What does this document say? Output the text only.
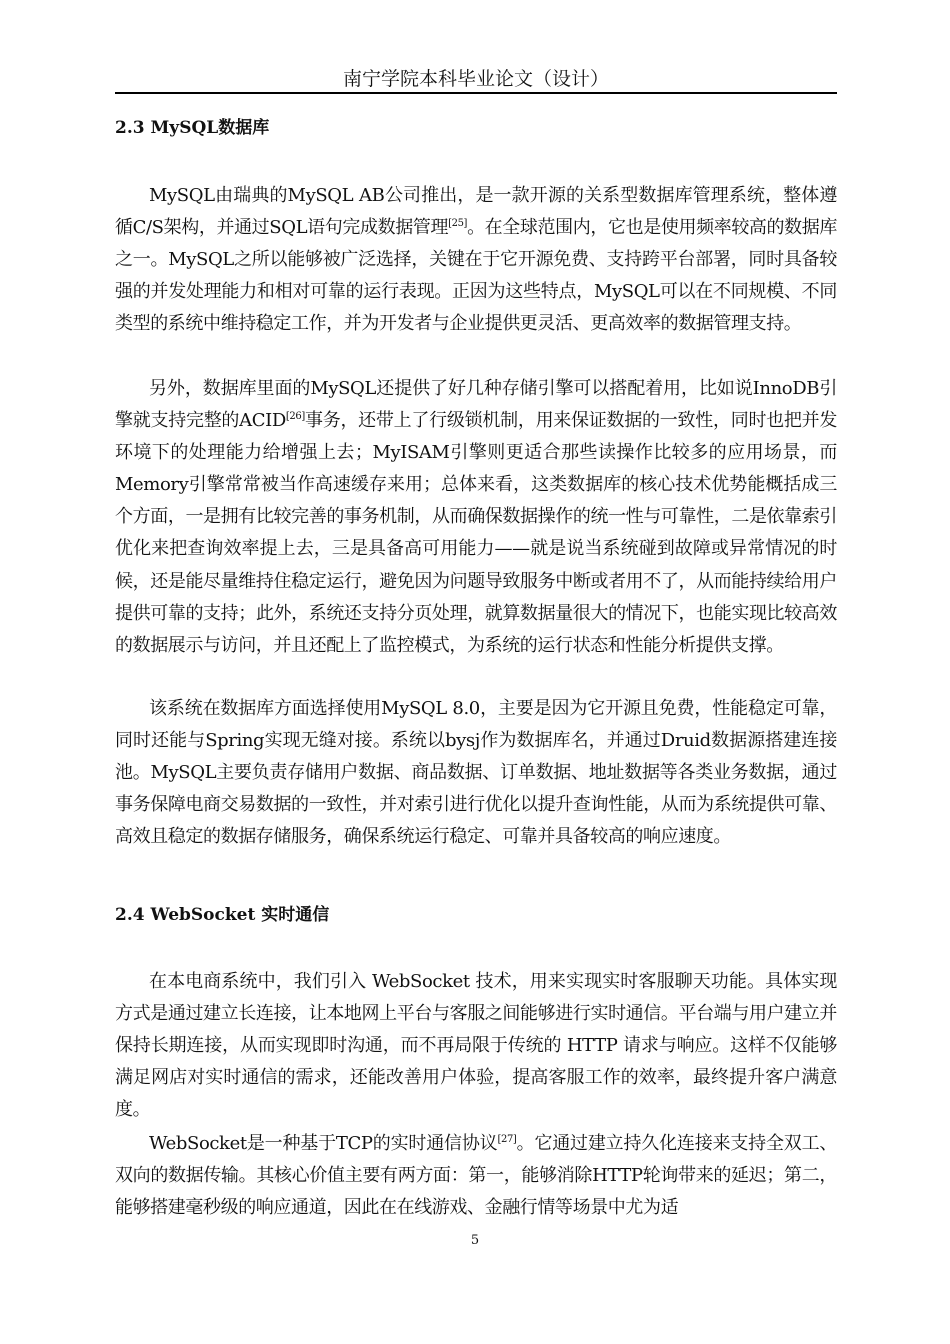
南宁学院本科毕业论文（设计）
2.3 MySQL数据库

MySQL由瑞典的MySQL AB公司推出，是一款开源的关系型数据库管理系统，整体遵循C/S架构，并通过SQL语句完成数据管理[25]。在全球范围内，它也是使用频率较高的数据库之一。MySQL之所以能够被广泛选择，关键在于它开源免费、支持跨平台部署，同时具备较强的并发处理能力和相对可靠的运行表现。正因为这些特点，MySQL可以在不同规模、不同类型的系统中维持稳定工作，并为开发者与企业提供更灵活、更高效率的数据管理支持。

另外，数据库里面的MySQL还提供了好几种存储引擎可以搭配着用，比如说InnoDB引擎就支持完整的ACID[26]事务，还带上了行级锁机制，用来保证数据的一致性，同时也把并发环境下的处理能力给增强上去；MyISAM引擎则更适合那些读操作比较多的应用场景，而Memory引擎常常被当作高速缓存来用；总体来看，这类数据库的核心技术优势能概括成三个方面，一是拥有比较完善的事务机制，从而确保数据操作的统一性与可靠性，二是依靠索引优化来把查询效率提上去，三是具备高可用能力——就是说当系统碰到故障或异常情况的时候，还是能尽量维持住稳定运行，避免因为问题导致服务中断或者用不了，从而能持续给用户提供可靠的支持；此外，系统还支持分页处理，就算数据量很大的情况下，也能实现比较高效的数据展示与访问，并且还配上了监控模式，为系统的运行状态和性能分析提供支撑。

该系统在数据库方面选择使用MySQL 8.0，主要是因为它开源且免费，性能稳定可靠，同时还能与Spring实现无缝对接。系统以bysj作为数据库名，并通过Druid数据源搭建连接池。MySQL主要负责存储用户数据、商品数据、订单数据、地址数据等各类业务数据，通过事务保障电商交易数据的一致性，并对索引进行优化以提升查询性能，从而为系统提供可靠、高效且稳定的数据存储服务，确保系统运行稳定、可靠并具备较高的响应速度。

2.4 WebSocket 实时通信

在本电商系统中，我们引入 WebSocket 技术，用来实现实时客服聊天功能。具体实现方式是通过建立长连接，让本地网上平台与客服之间能够进行实时通信。平台端与用户建立并保持长期连接，从而实现即时沟通，而不再局限于传统的 HTTP 请求与响应。这样不仅能够满足网店对实时通信的需求，还能改善用户体验，提高客服工作的效率，最终提升客户满意度。

WebSocket是一种基于TCP的实时通信协议[27]。它通过建立持久化连接来支持全双工、双向的数据传输。其核心价值主要有两方面：第一，能够消除HTTP轮询带来的延迟；第二，能够搭建毫秒级的响应通道，因此在在线游戏、金融行情等场景中尤为适

5
